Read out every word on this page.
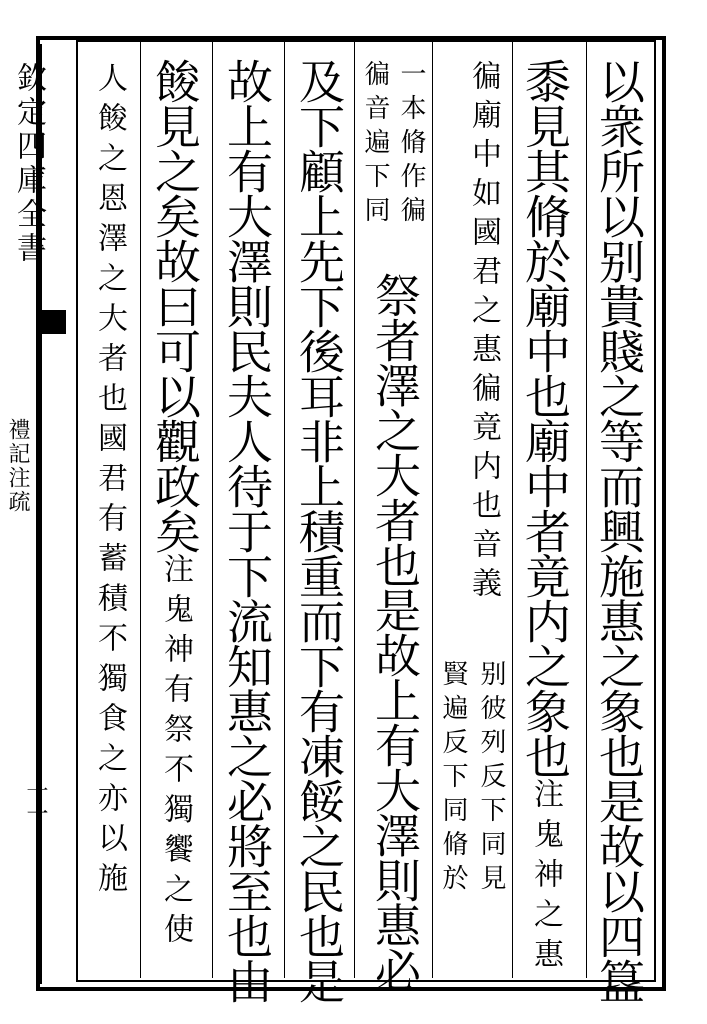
欽定四庫全書
禮記注疏
十一	以衆所以别貴賤之等而興施惠之象也是故以四簋
黍見其脩於廟中也廟中者竟内之象也注鬼神之惠
徧廟中如國君之惠徧竟内也音義
别彼列反下同見
賢遍反下同脩於
一本脩作徧
徧音遍下同
祭者澤之大者也是故上有大澤則惠必
及下顧上先下後耳非上積重而下有凍餒之民也是
故上有大澤則民夫人待于下流知惠之必將至也由
餕見之矣故曰可以觀政矣注鬼神有祭不獨饗之使
人餕之恩澤之大者也國君有蓄積不獨食之亦以施
